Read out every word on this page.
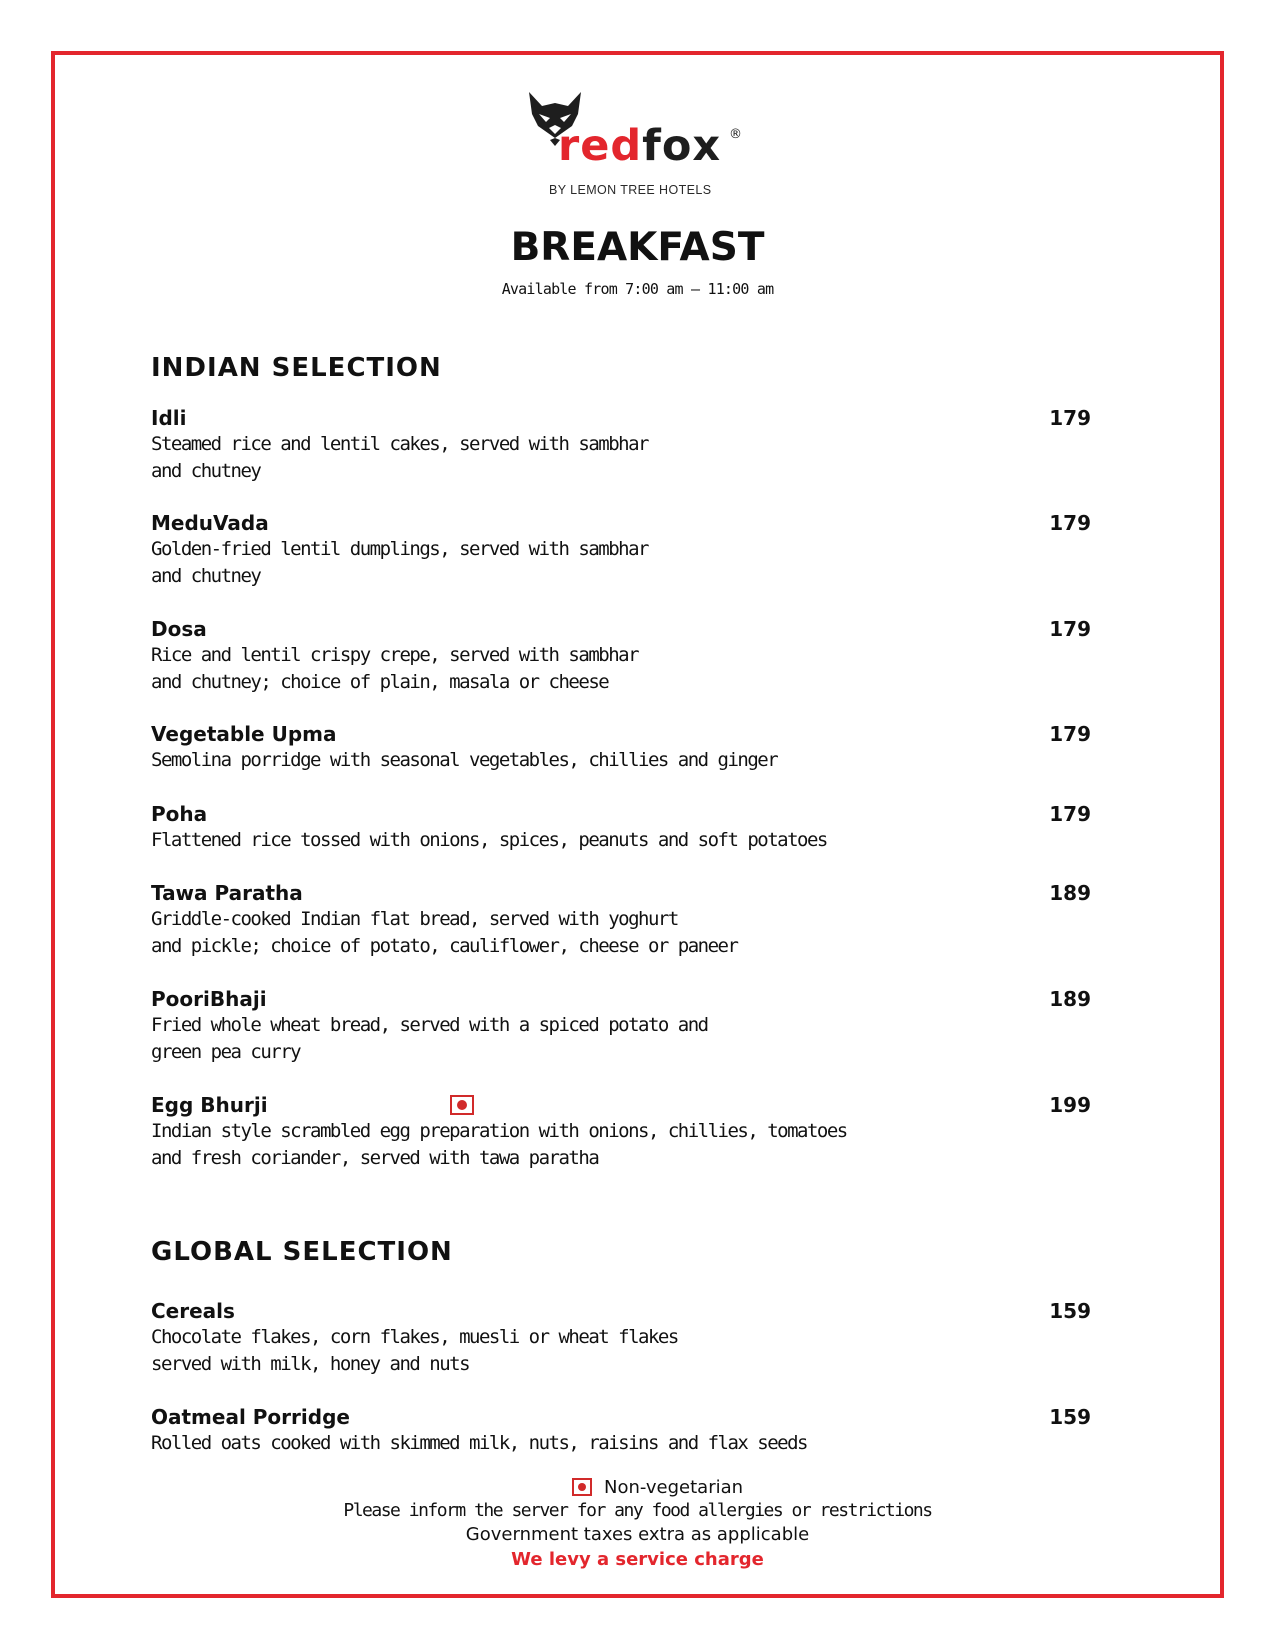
redfox ®
BY LEMON TREE HOTELS
BREAKFAST
Available from 7:00 am – 11:00 am
INDIAN SELECTION
Idli
Steamed rice and lentil cakes, served with sambhar
and chutney
179
MeduVada
Golden-fried lentil dumplings, served with sambhar
and chutney
179
Dosa
Rice and lentil crispy crepe, served with sambhar
and chutney; choice of plain, masala or cheese
179
Vegetable Upma
Semolina porridge with seasonal vegetables, chillies and ginger
179
Poha
Flattened rice tossed with onions, spices, peanuts and soft potatoes
179
Tawa Paratha
Griddle-cooked Indian flat bread, served with yoghurt
and pickle; choice of potato, cauliflower, cheese or paneer
189
PooriBhaji
Fried whole wheat bread, served with a spiced potato and
green pea curry
189
Egg Bhurji
Indian style scrambled egg preparation with onions, chillies, tomatoes
and fresh coriander, served with tawa paratha
199
GLOBAL SELECTION
Cereals
Chocolate flakes, corn flakes, muesli or wheat flakes
served with milk, honey and nuts
159
Oatmeal Porridge
Rolled oats cooked with skimmed milk, nuts, raisins and flax seeds
159
Non-vegetarian
Please inform the server for any food allergies or restrictions
Government taxes extra as applicable
We levy a service charge
